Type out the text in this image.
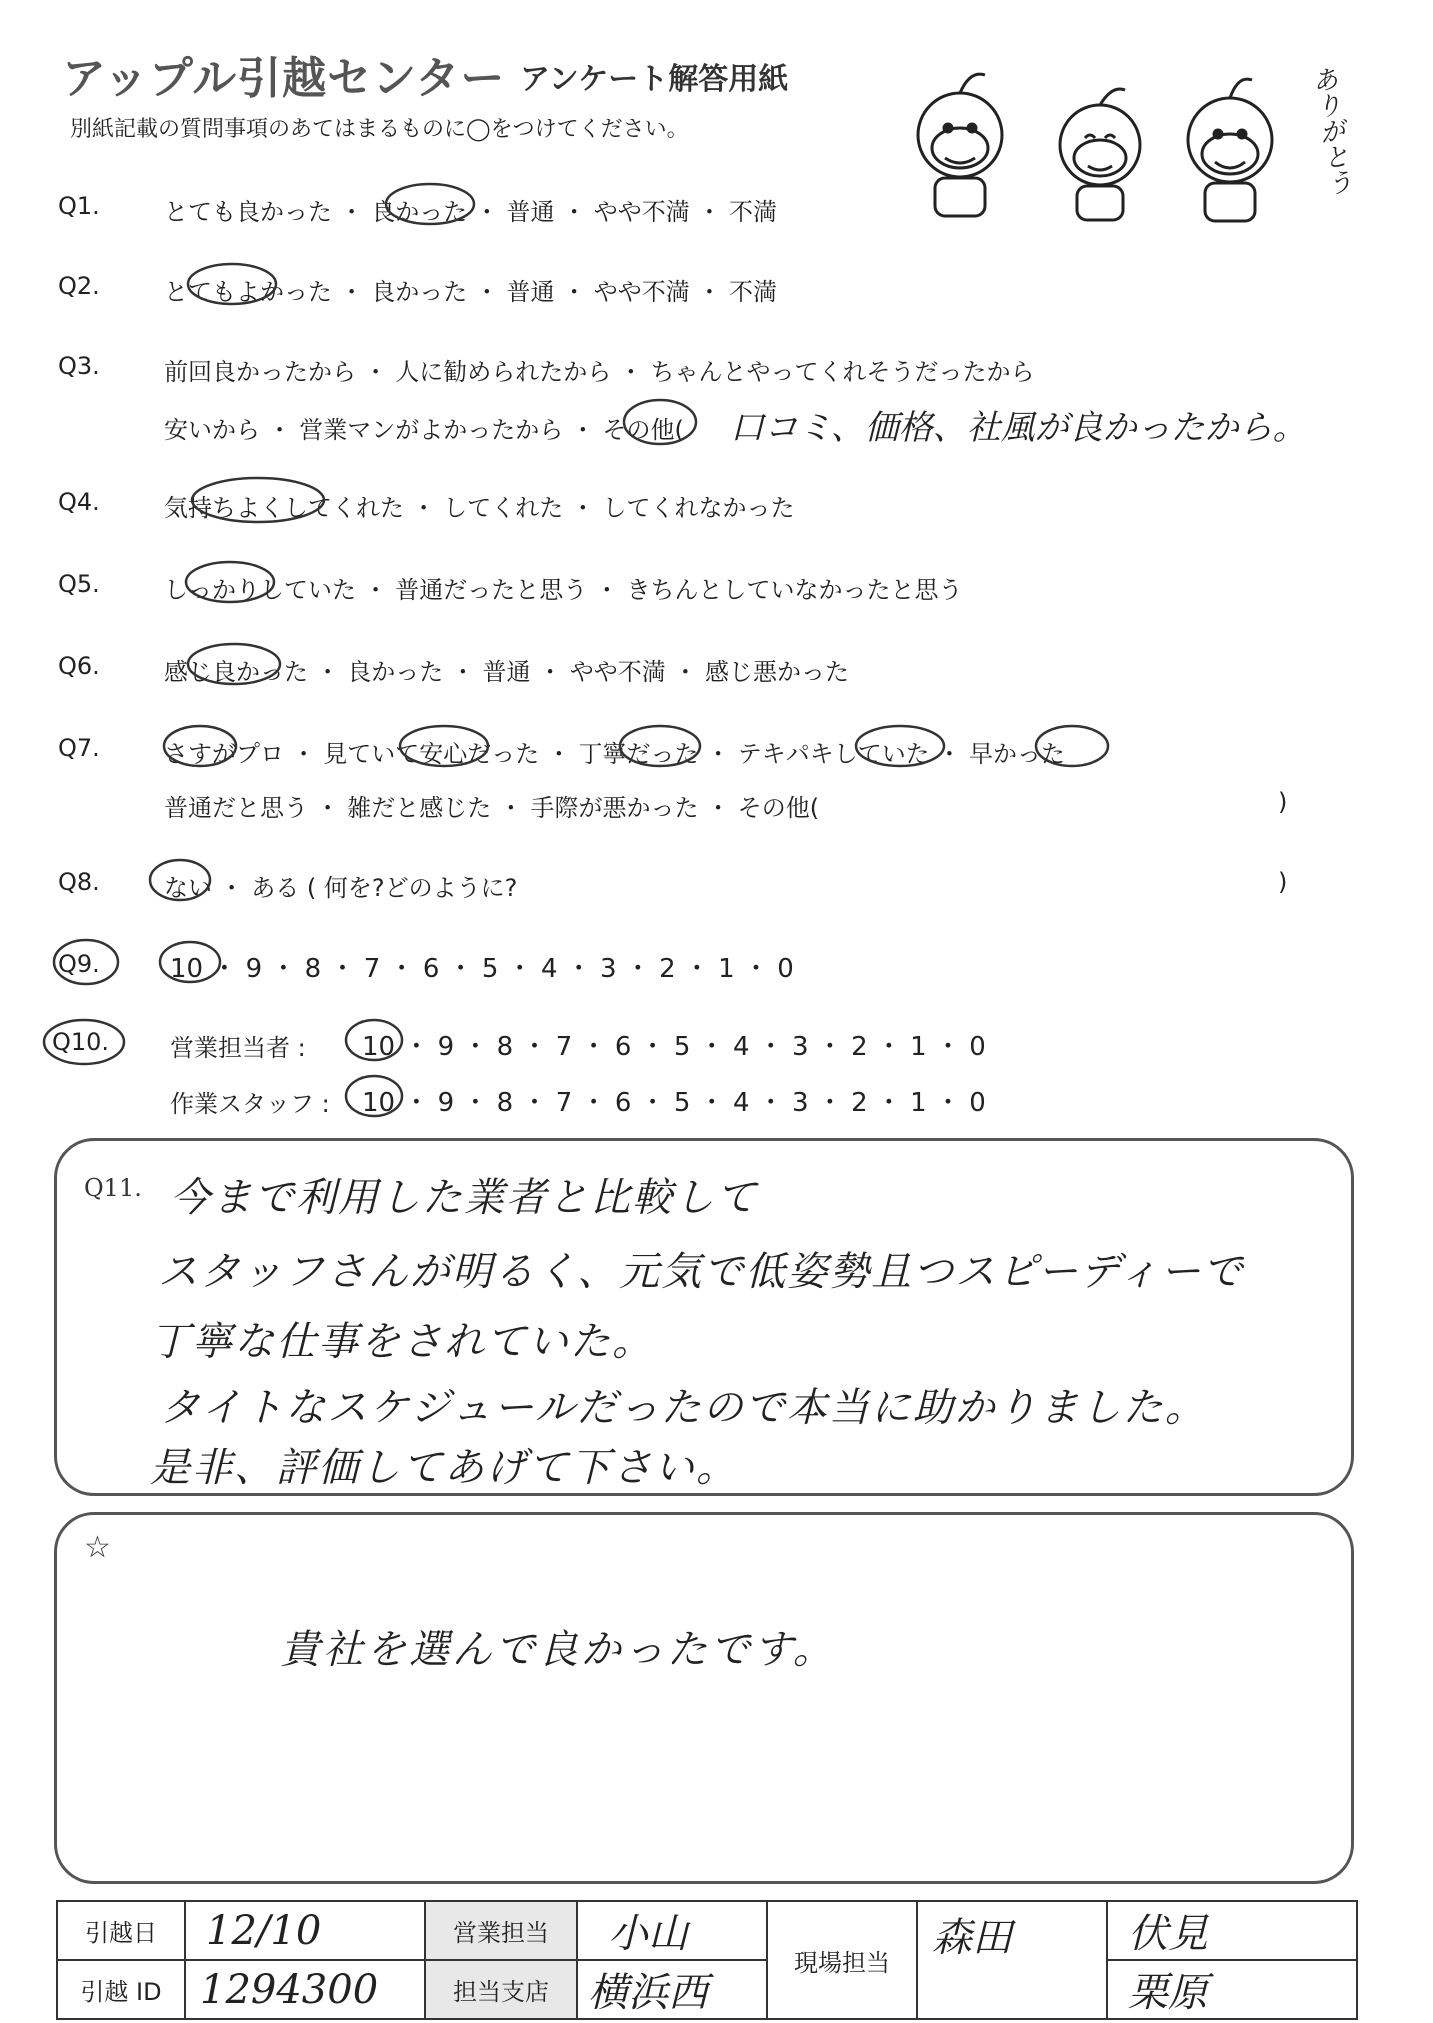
アップル引越センター アンケート解答用紙
別紙記載の質問事項のあてはまるものに◯をつけてください。	ありがとう
Q1.	とても良かった ・ 良かった ・ 普通 ・ やや不満 ・ 不満
Q2.	とてもよかった ・ 良かった ・ 普通 ・ やや不満 ・ 不満
Q3.	前回良かったから ・ 人に勧められたから ・ ちゃんとやってくれそうだったから
安いから ・ 営業マンがよかったから ・ その他( 口コミ、価格、社風が良かったから。
Q4.	気持ちよくしてくれた ・ してくれた ・ してくれなかった
Q5.	しっかりしていた ・ 普通だったと思う ・ きちんとしていなかったと思う
Q6.	感じ良かった ・ 良かった ・ 普通 ・ やや不満 ・ 感じ悪かった
Q7.	さすがプロ ・ 見ていて安心だった ・ 丁寧だった ・ テキパキしていた ・ 早かった
普通だと思う ・ 雑だと感じた ・ 手際が悪かった ・ その他(	)
Q8.	ない ・ ある ( 何を?どのように?	)
Q9.	10 ・ 9 ・ 8 ・ 7 ・ 6 ・ 5 ・ 4 ・ 3 ・ 2 ・ 1 ・ 0
Q10.	営業担当者 : 10 ・ 9 ・ 8 ・ 7 ・ 6 ・ 5 ・ 4 ・ 3 ・ 2 ・ 1 ・ 0
作業スタッフ : 10 ・ 9 ・ 8 ・ 7 ・ 6 ・ 5 ・ 4 ・ 3 ・ 2 ・ 1 ・ 0
Q11. 今まで利用した業者と比較して
スタッフさんが明るく、元気で低姿勢且つスピーディーで
丁寧な仕事をされていた。
タイトなスケジュールだったので本当に助かりました。
是非、評価してあげて下さい。
☆
貴社を選んで良かったです。
引越日	12/10	営業担当	小山	現場担当	森田	伏見
引越 ID	1294300	担当支店	横浜西			栗原
